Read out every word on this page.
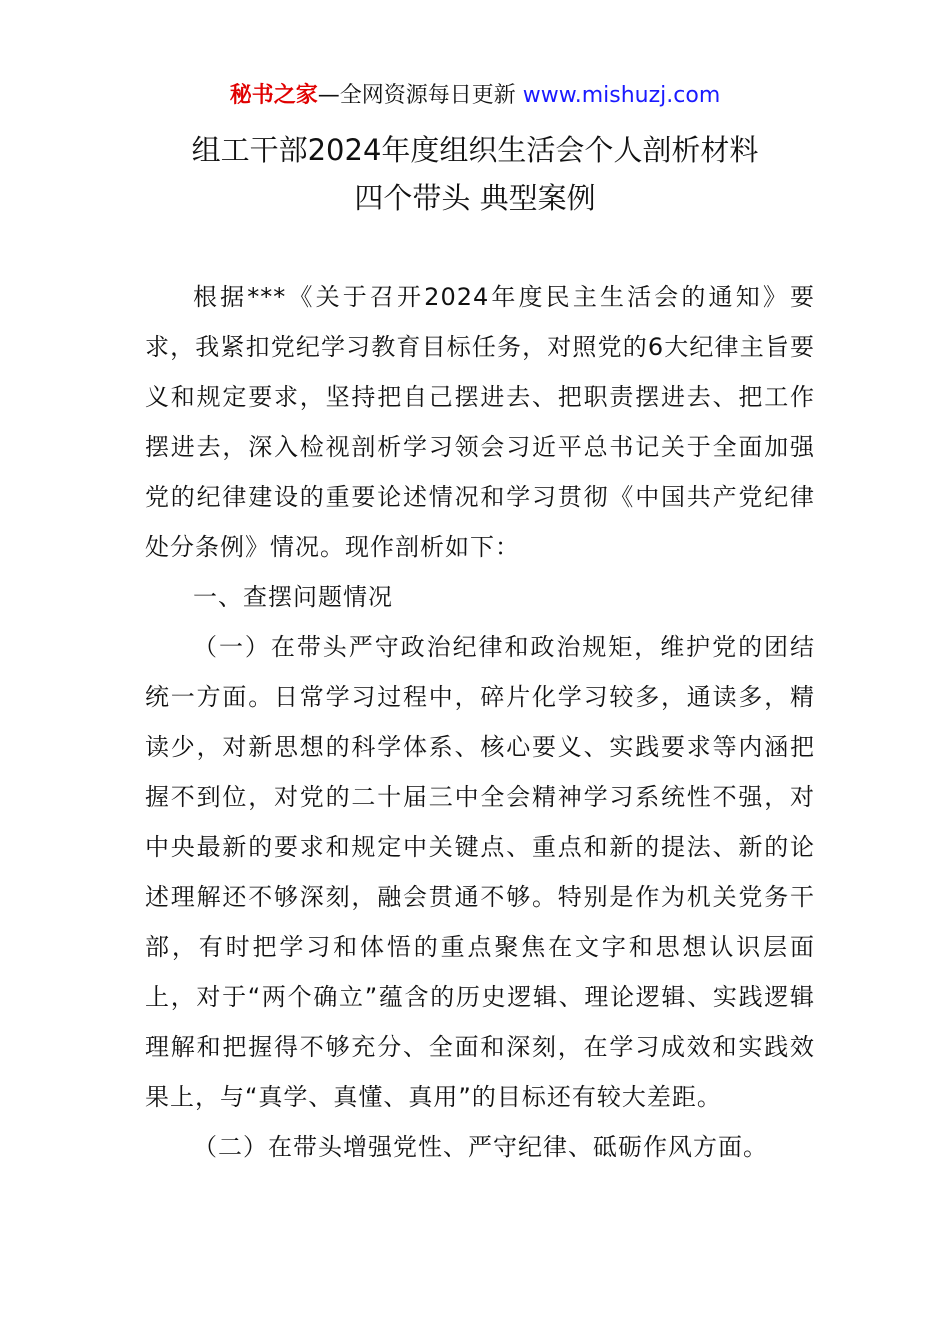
秘书之家—全网资源每日更新 www.mishuzj.com
组工干部2024年度组织生活会个人剖析材料
四个带头 典型案例

根据***《关于召开2024年度民主生活会的通知》要求，我紧扣党纪学习教育目标任务，对照党的6大纪律主旨要义和规定要求，坚持把自己摆进去、把职责摆进去、把工作摆进去，深入检视剖析学习领会习近平总书记关于全面加强党的纪律建设的重要论述情况和学习贯彻《中国共产党纪律处分条例》情况。现作剖析如下：

一、查摆问题情况

（一）在带头严守政治纪律和政治规矩，维护党的团结统一方面。日常学习过程中，碎片化学习较多，通读多，精读少，对新思想的科学体系、核心要义、实践要求等内涵把握不到位，对党的二十届三中全会精神学习系统性不强，对中央最新的要求和规定中关键点、重点和新的提法、新的论述理解还不够深刻，融会贯通不够。特别是作为机关党务干部，有时把学习和体悟的重点聚焦在文字和思想认识层面上，对于“两个确立”蕴含的历史逻辑、理论逻辑、实践逻辑理解和把握得不够充分、全面和深刻，在学习成效和实践效果上，与“真学、真懂、真用”的目标还有较大差距。

（二）在带头增强党性、严守纪律、砥砺作风方面。
